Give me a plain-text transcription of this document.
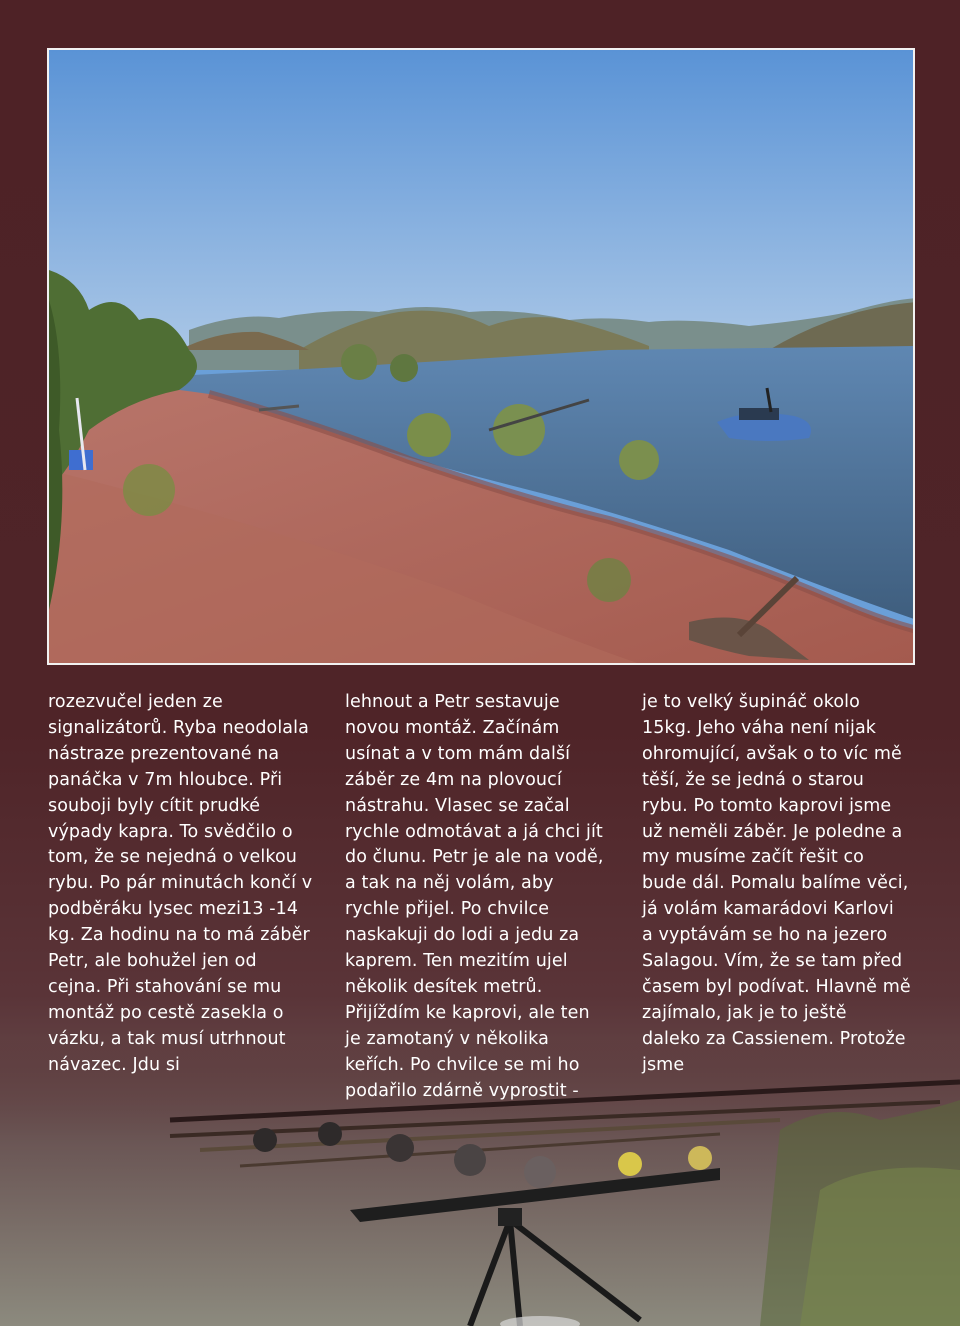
rozezvučel jeden ze
signalizátorů. Ryba neodolala
nástraze prezentované na
panáčka v 7m hloubce. Při
souboji byly cítit prudké
výpady kapra. To svědčilo o
tom, že se nejedná o velkou
rybu. Po pár minutách končí v
podběráku lysec mezi13 -14
kg. Za hodinu na to má záběr
Petr, ale bohužel jen od
cejna. Při stahování se mu
montáž po cestě zasekla o
vázku, a tak musí utrhnout
návazec. Jdu si
lehnout a Petr sestavuje
novou montáž. Začínám
usínat a v tom mám další
záběr ze 4m na plovoucí
nástrahu. Vlasec se začal
rychle odmotávat a já chci jít
do člunu. Petr je ale na vodě,
a tak na něj volám, aby
rychle přijel. Po chvilce
naskakuji do lodi a jedu za
kaprem. Ten mezitím ujel
několik desítek metrů.
Přijíždím ke kaprovi, ale ten
je zamotaný v několika
keřích. Po chvilce se mi ho
podařilo zdárně vyprostit -
je to velký šupináč okolo
15kg. Jeho váha není nijak
ohromující, avšak o to víc mě
těší, že se jedná o starou
rybu. Po tomto kaprovi jsme
už neměli záběr. Je poledne a
my musíme začít řešit co
bude dál. Pomalu balíme věci,
já volám kamarádovi Karlovi
a vyptávám se ho na jezero
Salagou. Vím, že se tam před
časem byl podívat. Hlavně mě
zajímalo, jak je to ještě
daleko za Cassienem. Protože
jsme
